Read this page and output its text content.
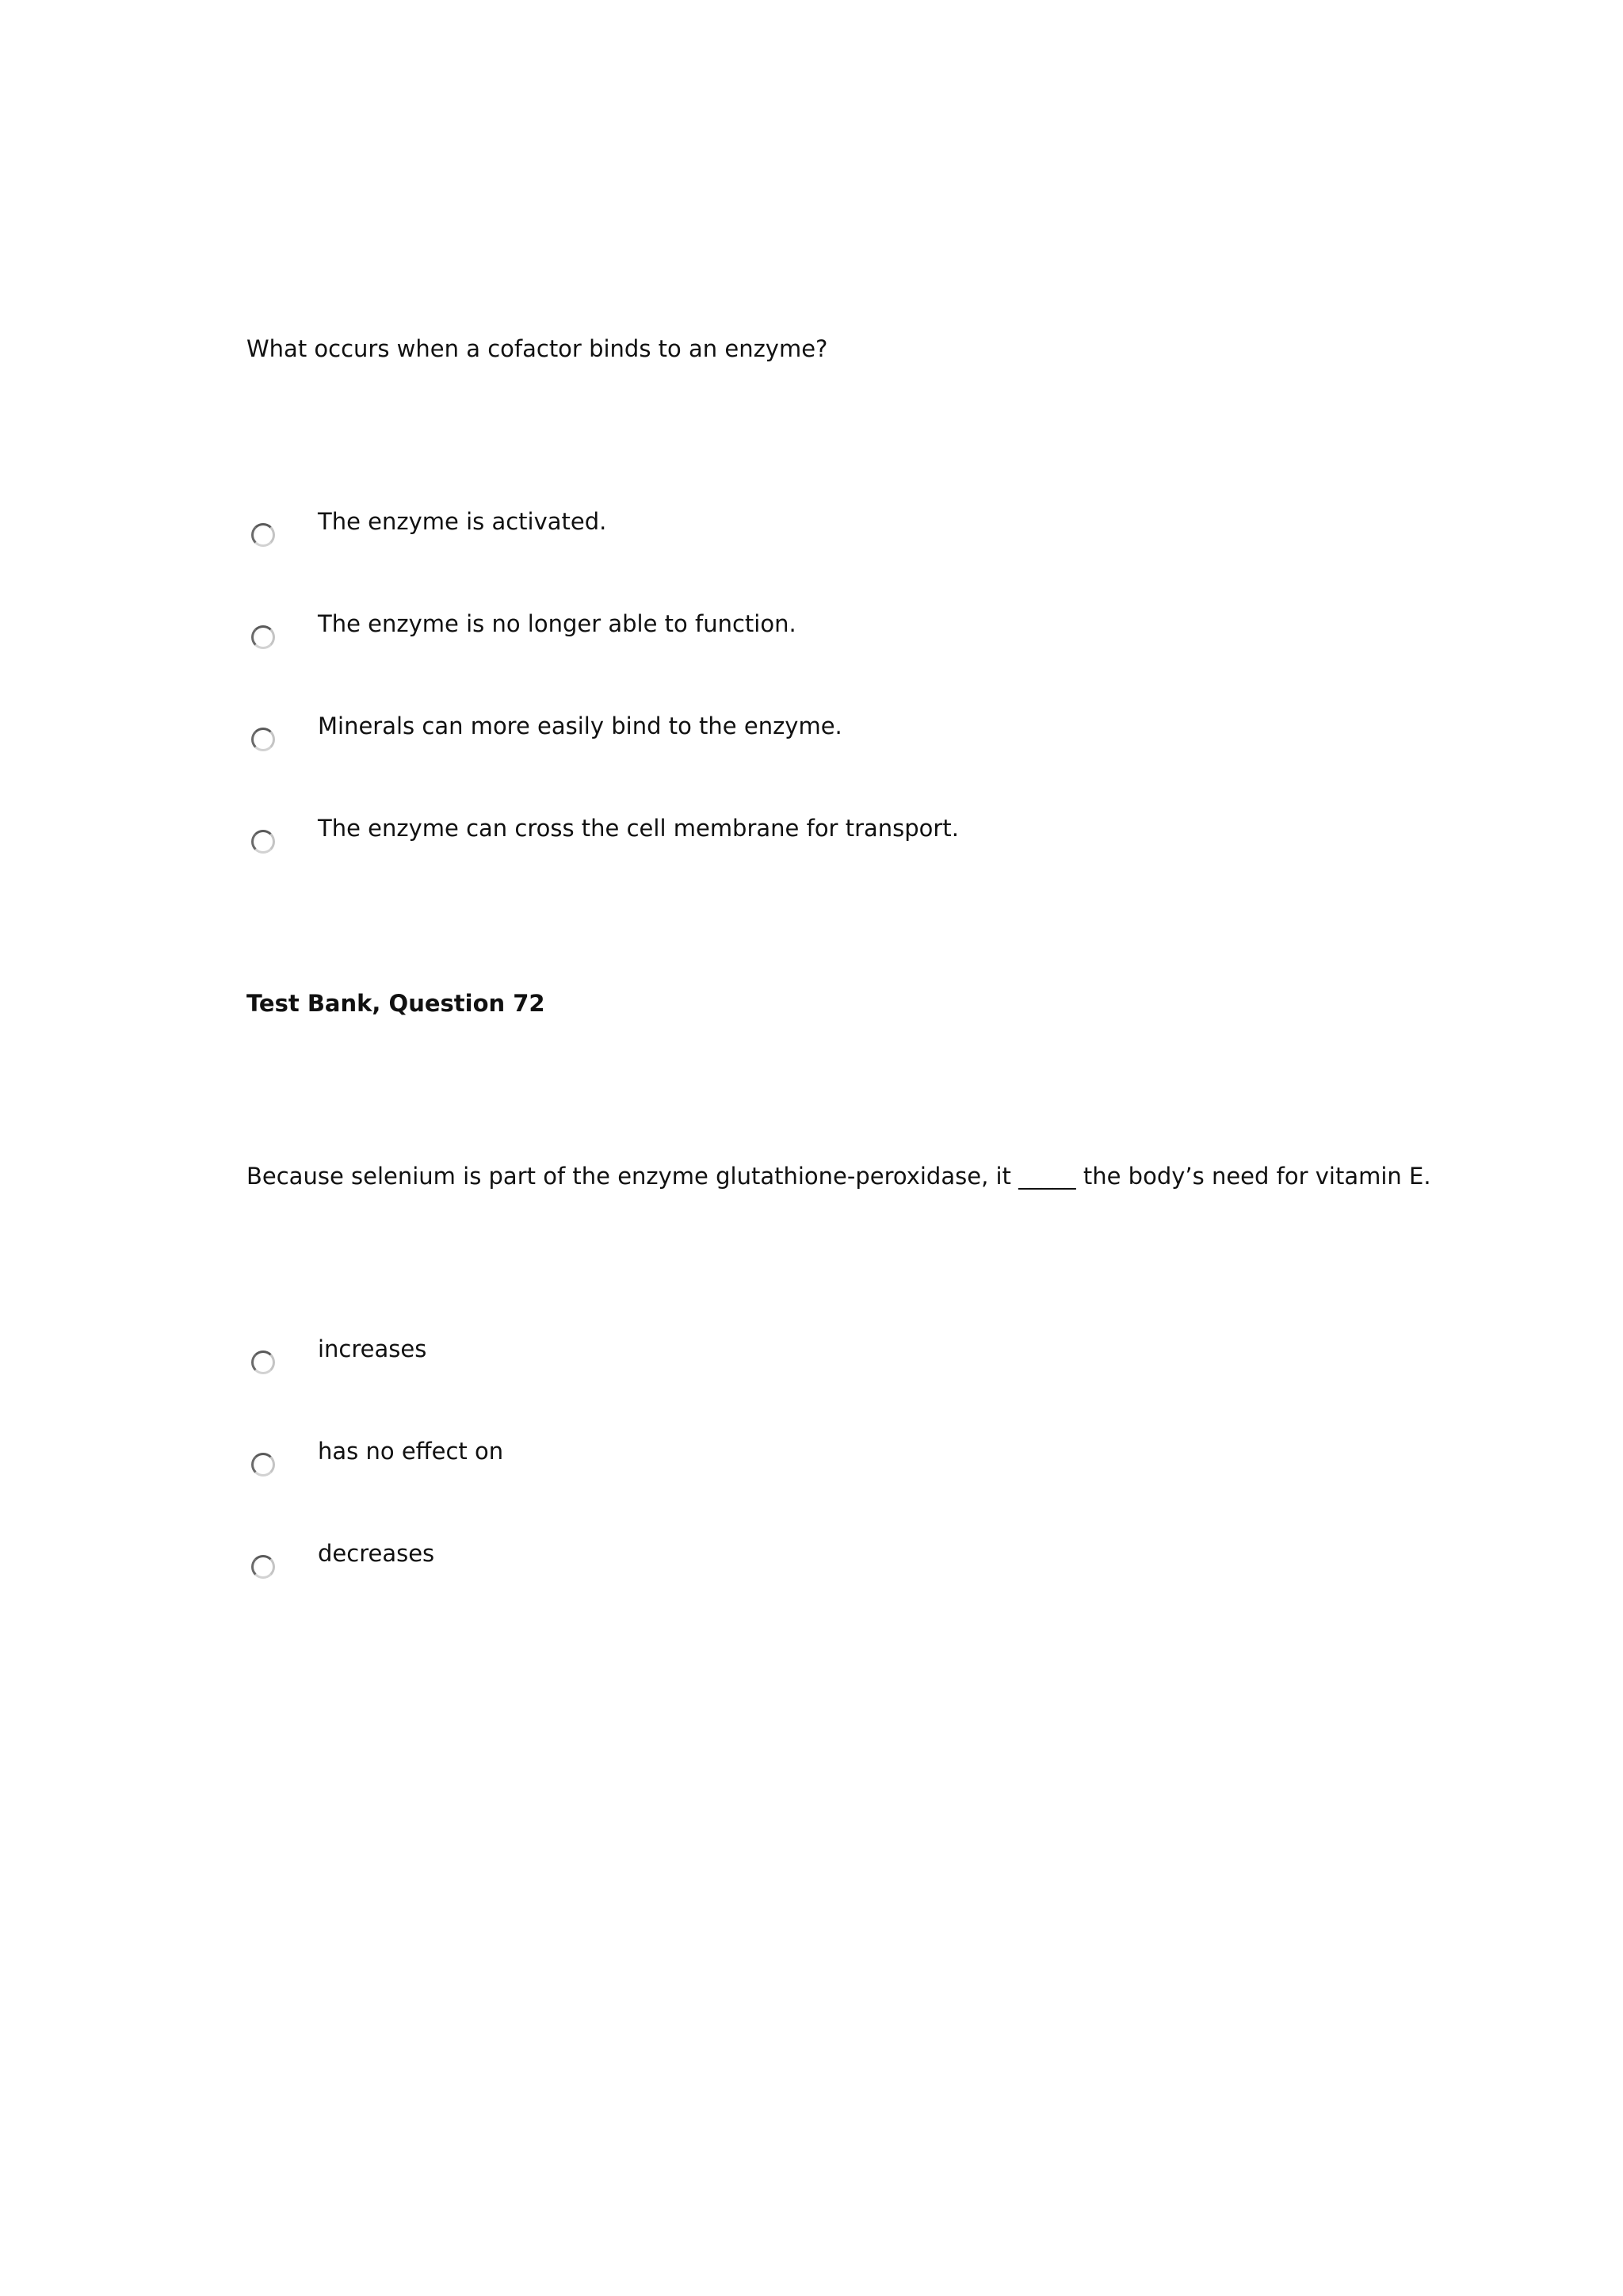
What occurs when a cofactor binds to an enzyme?
The enzyme is activated.
The enzyme is no longer able to function.
Minerals can more easily bind to the enzyme.
The enzyme can cross the cell membrane for transport.
Test Bank, Question 72
Because selenium is part of the enzyme glutathione-peroxidase, it _____ the body’s need for vitamin E.
increases
has no effect on
decreases
